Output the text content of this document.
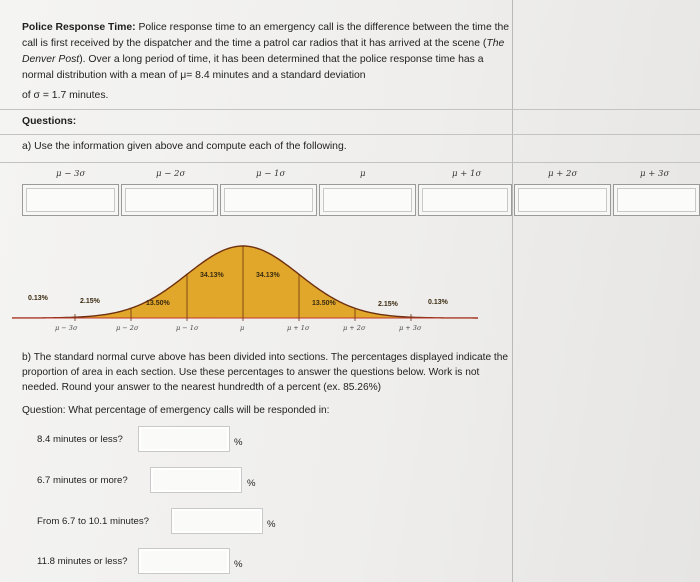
Police Response Time: Police response time to an emergency call is the difference between the time the call is first received by the dispatcher and the time a patrol car radios that it has arrived at the scene (The Denver Post). Over a long period of time, it has been determined that the police response time has a normal distribution with a mean of μ= 8.4 minutes and a standard deviation
of σ = 1.7 minutes.
Questions:
a) Use the information given above and compute each of the following.
μ − 3σ	μ − 2σ	μ − 1σ	μ	μ + 1σ	μ + 2σ	μ + 3σ
0.13%	2.15%	13.50%
34.13%	34.13%
13.50%	2.15%	0.13%
μ − 3σ	μ − 2σ	μ − 1σ	μ	μ + 1σ	μ + 2σ	μ + 3σ
b) The standard normal curve above has been divided into sections. The percentages displayed indicate the proportion of area in each section. Use these percentages to answer the questions below. Work is not needed. Round your answer to the nearest hundredth of a percent (ex. 85.26%)
Question: What percentage of emergency calls will be responded in:
8.4 minutes or less?	%
6.7 minutes or more?	%
From 6.7 to 10.1 minutes?	%
11.8 minutes or less?	%
